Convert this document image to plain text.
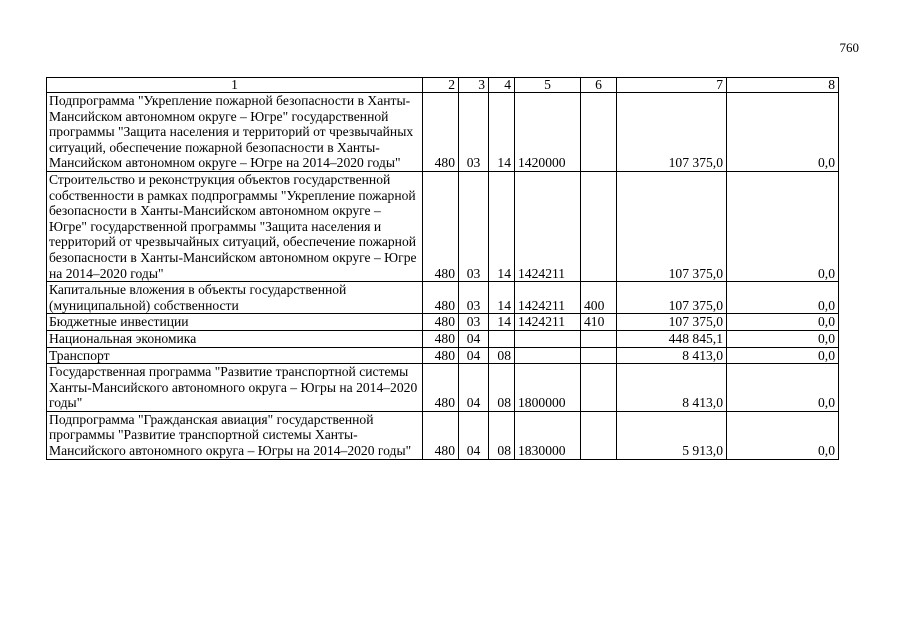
760
1	2	3	4	5	6	7	8
Подпрограмма "Укрепление пожарной безопасности в Ханты-Мансийском автономном округе – Югре" государственной программы "Защита населения и территорий от чрезвычайных ситуаций, обеспечение пожарной безопасности в Ханты-Мансийском автономном округе – Югре на 2014–2020 годы"	480	03	14	1420000		107 375,0	0,0
Строительство и реконструкция объектов государственной собственности в рамках подпрограммы "Укрепление пожарной безопасности в Ханты-Мансийском автономном округе – Югре" государственной программы "Защита населения и территорий от чрезвычайных ситуаций, обеспечение пожарной безопасности в Ханты-Мансийском автономном округе – Югре на 2014–2020 годы"	480	03	14	1424211		107 375,0	0,0
Капитальные вложения в объекты государственной (муниципальной) собственности	480	03	14	1424211	400	107 375,0	0,0
Бюджетные инвестиции	480	03	14	1424211	410	107 375,0	0,0
Национальная экономика	480	04				448 845,1	0,0
Транспорт	480	04	08			8 413,0	0,0
Государственная программа "Развитие транспортной системы Ханты-Мансийского автономного округа – Югры на 2014–2020 годы"	480	04	08	1800000		8 413,0	0,0
Подпрограмма "Гражданская авиация" государственной программы "Развитие транспортной системы Ханты-Мансийского автономного округа – Югры на 2014–2020 годы"	480	04	08	1830000		5 913,0	0,0
